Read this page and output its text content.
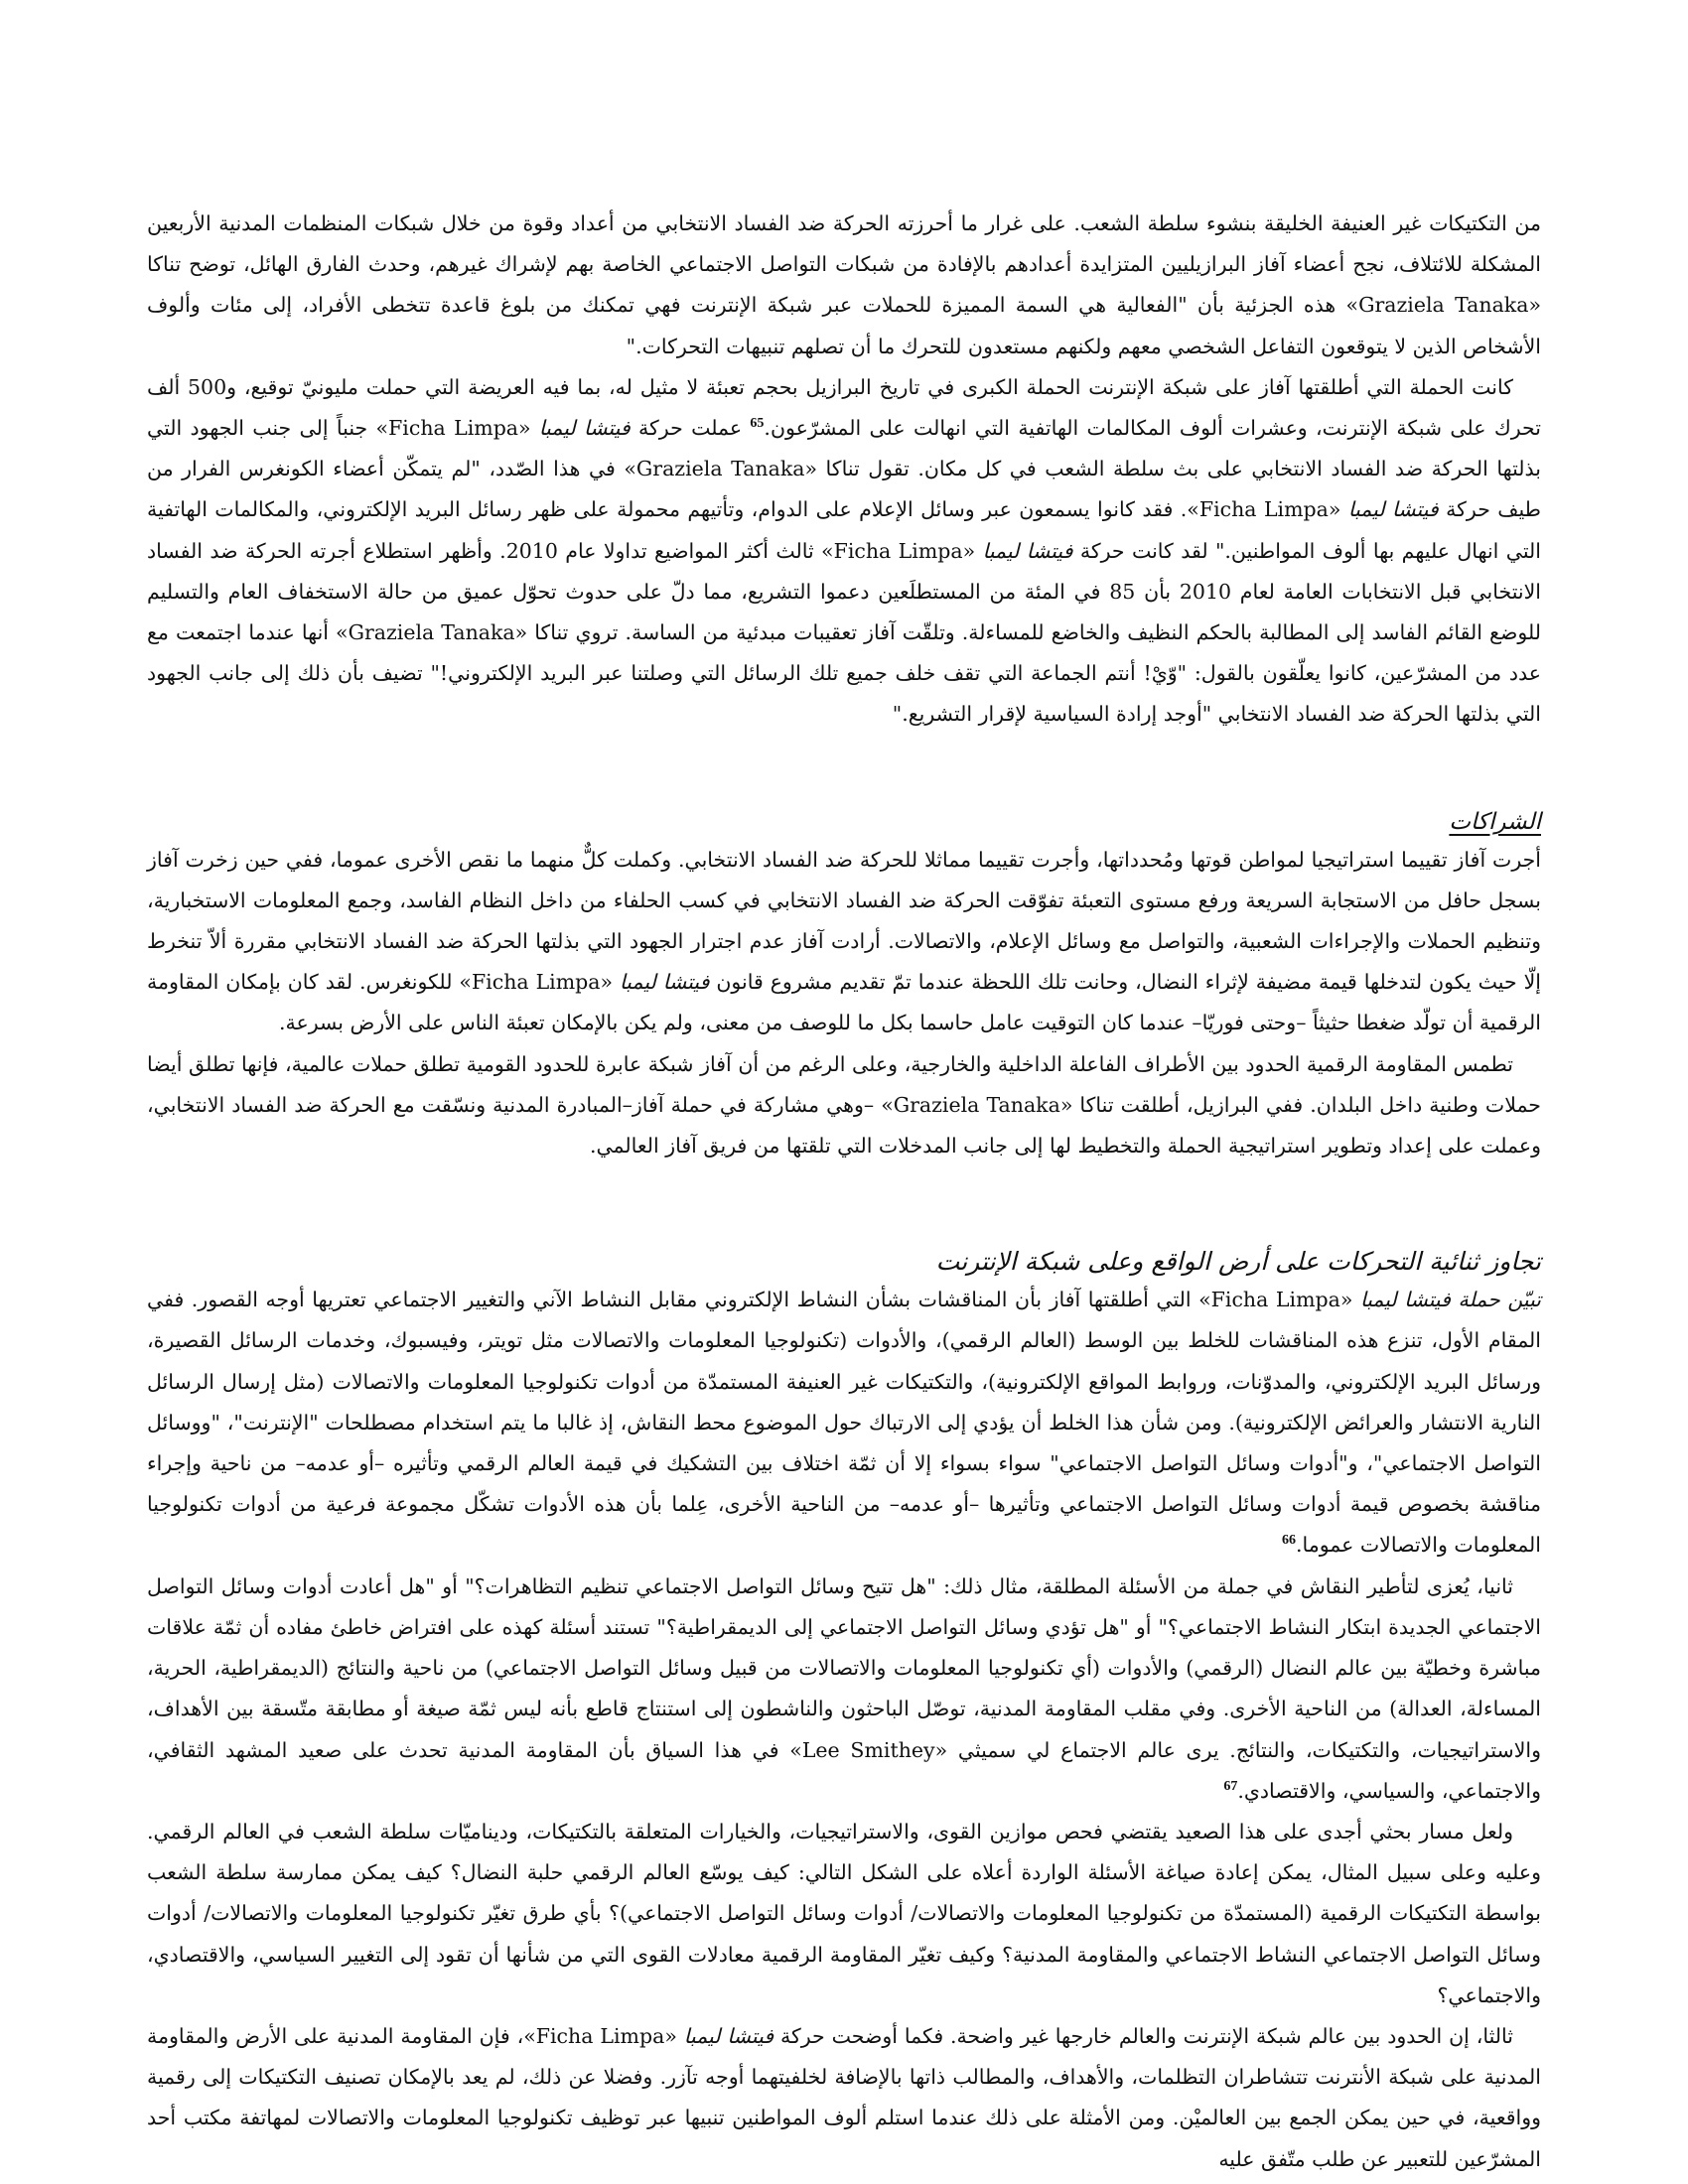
من التكتيكات غير العنيفة الخليقة بنشوء سلطة الشعب. على غرار ما أحرزته الحركة ضد الفساد الانتخابي من أعداد وقوة من خلال شبكات المنظمات المدنية الأربعين المشكلة للائتلاف، نجح أعضاء آفاز البرازيليين المتزايدة أعدادهم بالإفادة من شبكات التواصل الاجتماعي الخاصة بهم لإشراك غيرهم، وحدث الفارق الهائل، توضح تناكا «Graziela Tanaka» هذه الجزئية بأن "الفعالية هي السمة المميزة للحملات عبر شبكة الإنترنت فهي تمكنك من بلوغ قاعدة تتخطى الأفراد، إلى مئات وألوف الأشخاص الذين لا يتوقعون التفاعل الشخصي معهم ولكنهم مستعدون للتحرك ما أن تصلهم تنبيهات التحركات."

كانت الحملة التي أطلقتها آفاز على شبكة الإنترنت الحملة الكبرى في تاريخ البرازيل بحجم تعبئة لا مثيل له، بما فيه العريضة التي حملت مليونيّ توقيع، و500 ألف تحرك على شبكة الإنترنت، وعشرات ألوف المكالمات الهاتفية التي انهالت على المشرّعون.$^{65}$ عملت حركة فيتشا ليمبا «Ficha Limpa» جنباً إلى جنب الجهود التي بذلتها الحركة ضد الفساد الانتخابي على بث سلطة الشعب في كل مكان. تقول تناكا «Graziela Tanaka» في هذا الصّدد، "لم يتمكّن أعضاء الكونغرس الفرار من طيف حركة فيتشا ليمبا «Ficha Limpa». فقد كانوا يسمعون عبر وسائل الإعلام على الدوام، وتأتيهم محمولة على ظهر رسائل البريد الإلكتروني، والمكالمات الهاتفية التي انهال عليهم بها ألوف المواطنين." لقد كانت حركة فيتشا ليمبا «Ficha Limpa» ثالث أكثر المواضيع تداولا عام 2010. وأظهر استطلاع أجرته الحركة ضد الفساد الانتخابي قبل الانتخابات العامة لعام 2010 بأن 85 في المئة من المستطلَعين دعموا التشريع، مما دلّ على حدوث تحوّل عميق من حالة الاستخفاف العام والتسليم للوضع القائم الفاسد إلى المطالبة بالحكم النظيف والخاضع للمساءلة. وتلقّت آفاز تعقيبات مبدئية من الساسة. تروي تناكا «Graziela Tanaka» أنها عندما اجتمعت مع عدد من المشرّعين، كانوا يعلّقون بالقول: "وّيْ! أنتم الجماعة التي تقف خلف جميع تلك الرسائل التي وصلتنا عبر البريد الإلكتروني!" تضيف بأن ذلك إلى جانب الجهود التي بذلتها الحركة ضد الفساد الانتخابي "أوجد إرادة السياسية لإقرار التشريع."

الشراكات

أجرت آفاز تقييما استراتيجيا لمواطن قوتها ومُحدداتها، وأجرت تقييما مماثلا للحركة ضد الفساد الانتخابي. وكملت كلٌّ منهما ما نقص الأخرى عموما، ففي حين زخرت آفاز بسجل حافل من الاستجابة السريعة ورفع مستوى التعبئة تفوّقت الحركة ضد الفساد الانتخابي في كسب الحلفاء من داخل النظام الفاسد، وجمع المعلومات الاستخبارية، وتنظيم الحملات والإجراءات الشعبية، والتواصل مع وسائل الإعلام، والاتصالات. أرادت آفاز عدم اجترار الجهود التي بذلتها الحركة ضد الفساد الانتخابي مقررة ألاّ تنخرط إلّا حيث يكون لتدخلها قيمة مضيفة لإثراء النضال، وحانت تلك اللحظة عندما تمّ تقديم مشروع قانون فيتشا ليمبا «Ficha Limpa» للكونغرس. لقد كان بإمكان المقاومة الرقمية أن تولّد ضغطا حثيثاً –وحتى فوريّا– عندما كان التوقيت عامل حاسما بكل ما للوصف من معنى، ولم يكن بالإمكان تعبئة الناس على الأرض بسرعة.

تطمس المقاومة الرقمية الحدود بين الأطراف الفاعلة الداخلية والخارجية، وعلى الرغم من أن آفاز شبكة عابرة للحدود القومية تطلق حملات عالمية، فإنها تطلق أيضا حملات وطنية داخل البلدان. ففي البرازيل، أطلقت تناكا «Graziela Tanaka» –وهي مشاركة في حملة آفاز–المبادرة المدنية ونسّقت مع الحركة ضد الفساد الانتخابي، وعملت على إعداد وتطوير استراتيجية الحملة والتخطيط لها إلى جانب المدخلات التي تلقتها من فريق آفاز العالمي.

تجاوز ثنائية التحركات على أرض الواقع وعلى شبكة الإنترنت

تبيّن حملة فيتشا ليمبا «Ficha Limpa» التي أطلقتها آفاز بأن المناقشات بشأن النشاط الإلكتروني مقابل النشاط الآني والتغيير الاجتماعي تعتريها أوجه القصور. ففي المقام الأول، تنزع هذه المناقشات للخلط بين الوسط (العالم الرقمي)، والأدوات (تكنولوجيا المعلومات والاتصالات مثل تويتر، وفيسبوك، وخدمات الرسائل القصيرة، ورسائل البريد الإلكتروني، والمدوّنات، وروابط المواقع الإلكترونية)، والتكتيكات غير العنيفة المستمدّة من أدوات تكنولوجيا المعلومات والاتصالات (مثل إرسال الرسائل النارية الانتشار والعرائض الإلكترونية). ومن شأن هذا الخلط أن يؤدي إلى الارتباك حول الموضوع محط النقاش، إذ غالبا ما يتم استخدام مصطلحات "الإنترنت"، "ووسائل التواصل الاجتماعي"، و"أدوات وسائل التواصل الاجتماعي" سواء بسواء إلا أن ثمّة اختلاف بين التشكيك في قيمة العالم الرقمي وتأثيره –أو عدمه– من ناحية وإجراء مناقشة بخصوص قيمة أدوات وسائل التواصل الاجتماعي وتأثيرها –أو عدمه– من الناحية الأخرى، عِلما بأن هذه الأدوات تشكّل مجموعة فرعية من أدوات تكنولوجيا المعلومات والاتصالات عموما.$^{66}$

ثانيا، يُعزى لتأطير النقاش في جملة من الأسئلة المطلقة، مثال ذلك: "هل تتيح وسائل التواصل الاجتماعي تنظيم التظاهرات؟" أو "هل أعادت أدوات وسائل التواصل الاجتماعي الجديدة ابتكار النشاط الاجتماعي؟" أو "هل تؤدي وسائل التواصل الاجتماعي إلى الديمقراطية؟" تستند أسئلة كهذه على افتراض خاطئ مفاده أن ثمّة علاقات مباشرة وخطيّة بين عالم النضال (الرقمي) والأدوات (أي تكنولوجيا المعلومات والاتصالات من قبيل وسائل التواصل الاجتماعي) من ناحية والنتائج (الديمقراطية، الحرية، المساءلة، العدالة) من الناحية الأخرى. وفي مقلب المقاومة المدنية، توصّل الباحثون والناشطون إلى استنتاج قاطع بأنه ليس ثمّة صيغة أو مطابقة متّسقة بين الأهداف، والاستراتيجيات، والتكتيكات، والنتائج. يرى عالم الاجتماع لي سميثي «Lee Smithey» في هذا السياق بأن المقاومة المدنية تحدث على صعيد المشهد الثقافي، والاجتماعي، والسياسي، والاقتصادي.$^{67}$

ولعل مسار بحثي أجدى على هذا الصعيد يقتضي فحص موازين القوى، والاستراتيجيات، والخيارات المتعلقة بالتكتيكات، وديناميّات سلطة الشعب في العالم الرقمي. وعليه وعلى سبيل المثال، يمكن إعادة صياغة الأسئلة الواردة أعلاه على الشكل التالي: كيف يوسّع العالم الرقمي حلبة النضال؟ كيف يمكن ممارسة سلطة الشعب بواسطة التكتيكات الرقمية (المستمدّة من تكنولوجيا المعلومات والاتصالات/ أدوات وسائل التواصل الاجتماعي)؟ بأي طرق تغيّر تكنولوجيا المعلومات والاتصالات/ أدوات وسائل التواصل الاجتماعي النشاط الاجتماعي والمقاومة المدنية؟ وكيف تغيّر المقاومة الرقمية معادلات القوى التي من شأنها أن تقود إلى التغيير السياسي، والاقتصادي، والاجتماعي؟

ثالثا، إن الحدود بين عالم شبكة الإنترنت والعالم خارجها غير واضحة. فكما أوضحت حركة فيتشا ليمبا «Ficha Limpa»، فإن المقاومة المدنية على الأرض والمقاومة المدنية على شبكة الأنترنت تتشاطران التظلمات، والأهداف، والمطالب ذاتها بالإضافة لخلفيتهما أوجه تآزر. وفضلا عن ذلك، لم يعد بالإمكان تصنيف التكتيكات إلى رقمية وواقعية، في حين يمكن الجمع بين العالميْن. ومن الأمثلة على ذلك عندما استلم ألوف المواطنين تنبيها عبر توظيف تكنولوجيا المعلومات والاتصالات لمهاتفة مكتب أحد المشرّعين للتعبير عن طلب متّفق عليه
